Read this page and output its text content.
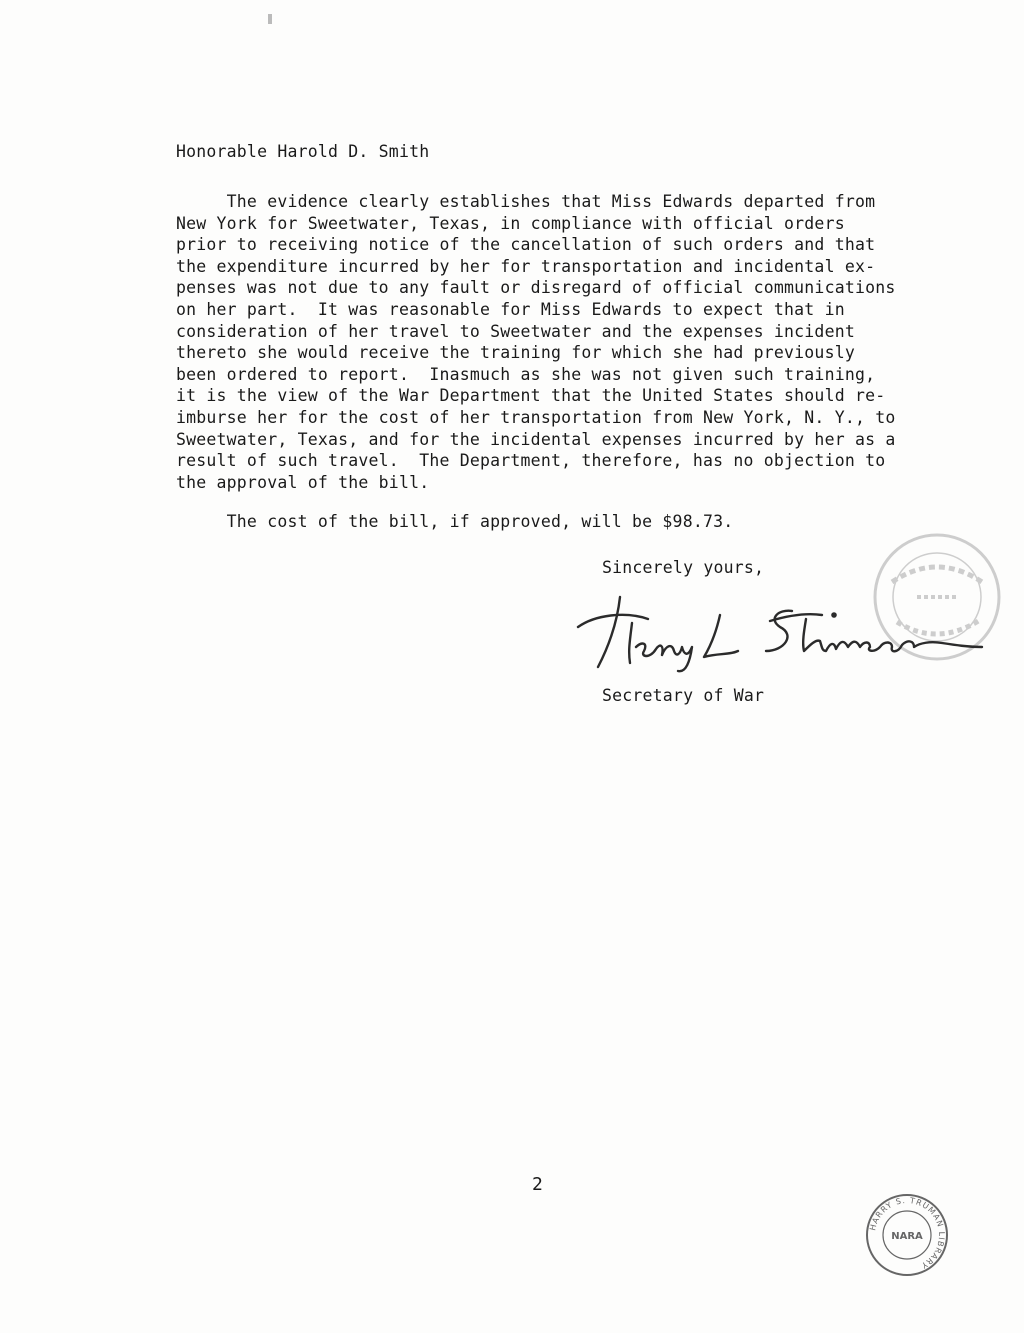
Honorable Harold D. Smith
The evidence clearly establishes that Miss Edwards departed from
New York for Sweetwater, Texas, in compliance with official orders
prior to receiving notice of the cancellation of such orders and that
the expenditure incurred by her for transportation and incidental ex-
penses was not due to any fault or disregard of official communications
on her part.  It was reasonable for Miss Edwards to expect that in
consideration of her travel to Sweetwater and the expenses incident
thereto she would receive the training for which she had previously
been ordered to report.  Inasmuch as she was not given such training,
it is the view of the War Department that the United States should re-
imburse her for the cost of her transportation from New York, N. Y., to
Sweetwater, Texas, and for the incidental expenses incurred by her as a
result of such travel.  The Department, therefore, has no objection to
the approval of the bill.
The cost of the bill, if approved, will be $98.73.
Sincerely yours,
Secretary of War
2
HARRY S. TRUMAN LIBRARY
NARA
